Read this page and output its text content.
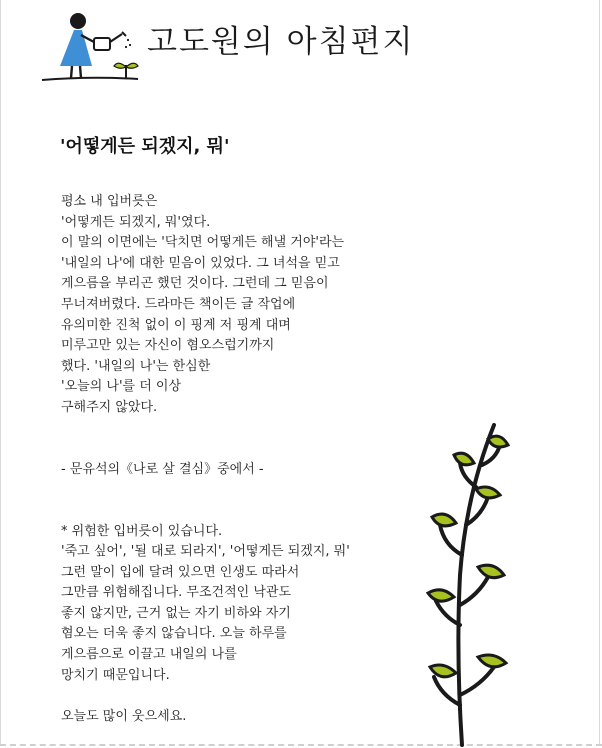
고도원의 아침편지
'어떻게든 되겠지, 뭐'
평소 내 입버릇은
'어떻게든 되겠지, 뭐'였다.
이 말의 이면에는 '닥치면 어떻게든 해낼 거야'라는
'내일의 나'에 대한 믿음이 있었다. 그 녀석을 믿고
게으름을 부리곤 했던 것이다. 그런데 그 믿음이
무너져버렸다. 드라마든 책이든 글 작업에
유의미한 진척 없이 이 핑계 저 핑계 대며
미루고만 있는 자신이 혐오스럽기까지
했다. '내일의 나'는 한심한
'오늘의 나'를 더 이상
구해주지 않았다.
- 문유석의《나로 살 결심》중에서 -
* 위험한 입버릇이 있습니다.
'죽고 싶어', '될 대로 되라지', '어떻게든 되겠지, 뭐'
그런 말이 입에 달려 있으면 인생도 따라서
그만큼 위험해집니다. 무조건적인 낙관도
좋지 않지만, 근거 없는 자기 비하와 자기
혐오는 더욱 좋지 않습니다. 오늘 하루를
게으름으로 이끌고 내일의 나를
망치기 때문입니다.
오늘도 많이 웃으세요.
